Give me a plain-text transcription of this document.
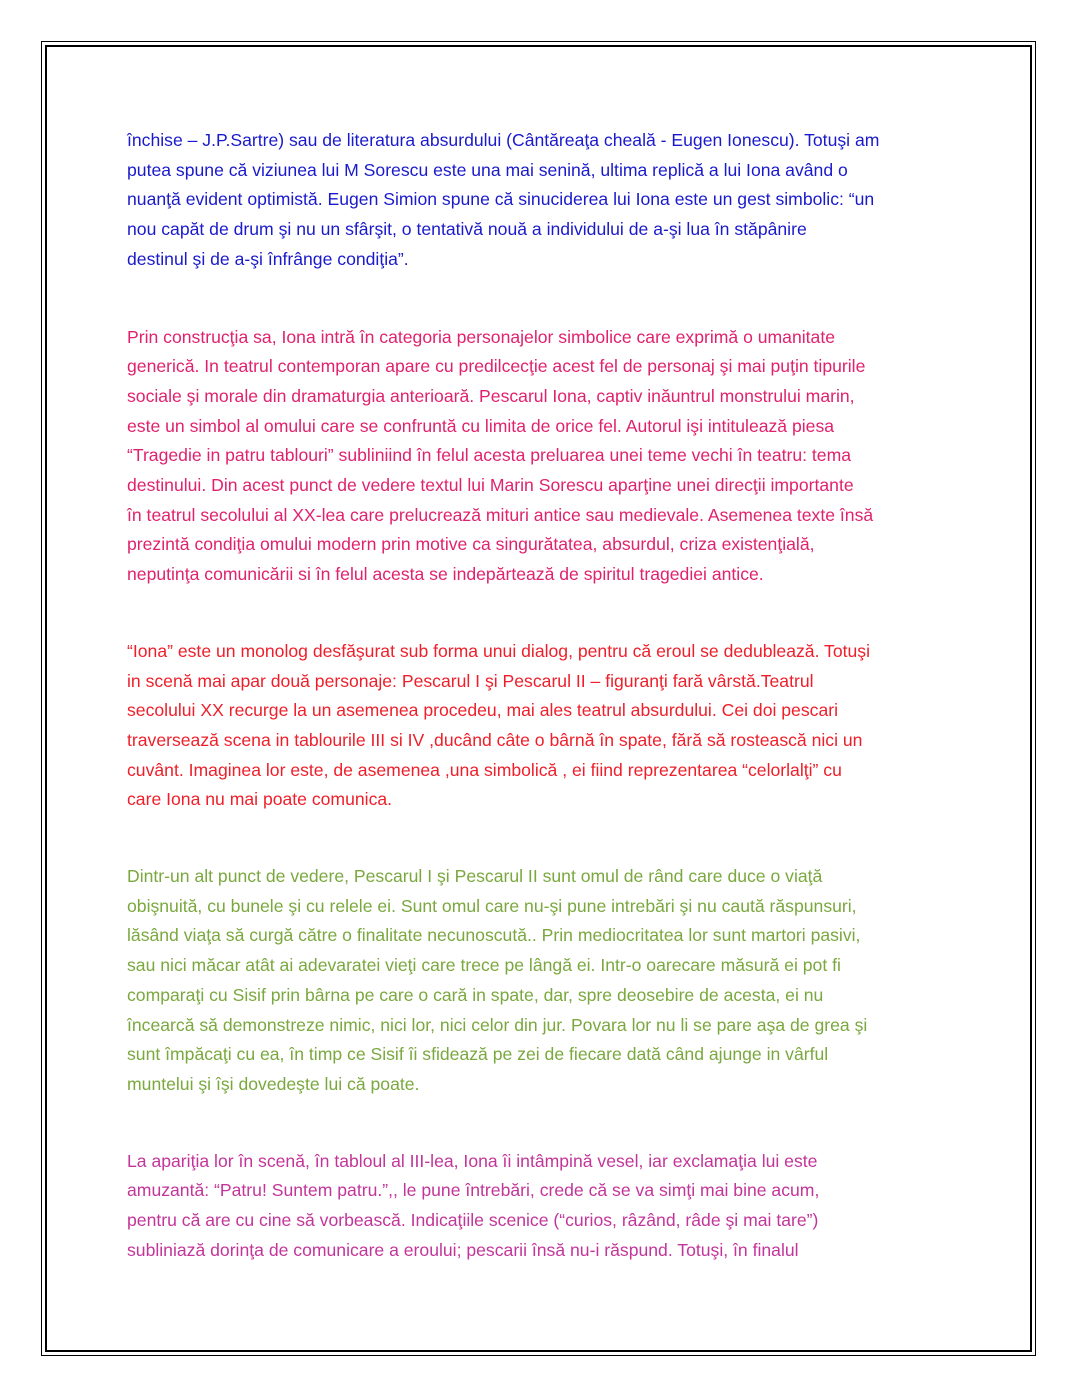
închise – J.P.Sartre) sau de literatura absurdului (Cântăreaţa cheală - Eugen Ionescu). Totuşi am
putea spune că viziunea lui M Sorescu este una mai senină, ultima replică a lui Iona având o
nuanţă evident optimistă. Eugen Simion spune că sinuciderea lui Iona este un gest simbolic: “un
nou capăt de drum şi nu un sfârşit, o tentativă nouă a individului de a-şi lua în stăpânire
destinul şi de a-şi înfrânge condiţia”.

Prin construcţia sa, Iona intră în categoria personajelor simbolice care exprimă o umanitate
generică. In teatrul contemporan apare cu predilcecţie acest fel de personaj şi mai puţin tipurile
sociale şi morale din dramaturgia anterioară. Pescarul Iona, captiv inăuntrul monstrului marin,
este un simbol al omului care se confruntă cu limita de orice fel. Autorul işi intitulează piesa
“Tragedie in patru tablouri” subliniind în felul acesta preluarea unei teme vechi în teatru: tema
destinului. Din acest punct de vedere textul lui Marin Sorescu aparţine unei direcţii importante
în teatrul secolului al XX-lea care prelucrează mituri antice sau medievale. Asemenea texte însă
prezintă condiţia omului modern prin motive ca singurătatea, absurdul, criza existenţială,
neputinţa comunicării si în felul acesta se indepărtează de spiritul tragediei antice.

“Iona” este un monolog desfăşurat sub forma unui dialog, pentru că eroul se dedublează. Totuşi
in scenă mai apar două personaje: Pescarul I şi Pescarul II – figuranţi fară vârstă.Teatrul
secolului XX recurge la un asemenea procedeu, mai ales teatrul absurdului. Cei doi pescari
traversează scena in tablourile III si IV ,ducând câte o bârnă în spate, fără să rostească nici un
cuvânt. Imaginea lor este, de asemenea ,una simbolică , ei fiind reprezentarea “celorlalţi” cu
care Iona nu mai poate comunica.

Dintr-un alt punct de vedere, Pescarul I şi Pescarul II sunt omul de rând care duce o viaţă
obişnuită, cu bunele şi cu relele ei. Sunt omul care nu-şi pune intrebări şi nu caută răspunsuri,
lăsând viaţa să curgă către o finalitate necunoscută.. Prin mediocritatea lor sunt martori pasivi,
sau nici măcar atât ai adevaratei vieţi care trece pe lângă ei. Intr-o oarecare măsură ei pot fi
comparaţi cu Sisif prin bârna pe care o cară in spate, dar, spre deosebire de acesta, ei nu
încearcă să demonstreze nimic, nici lor, nici celor din jur. Povara lor nu li se pare aşa de grea şi
sunt împăcaţi cu ea, în timp ce Sisif îi sfidează pe zei de fiecare dată când ajunge in vârful
muntelui şi îşi dovedeşte lui că poate.

La apariţia lor în scenă, în tabloul al III-lea, Iona îi intâmpină vesel, iar exclamaţia lui este
amuzantă: “Patru! Suntem patru.”,, le pune întrebări, crede că se va simţi mai bine acum,
pentru că are cu cine să vorbească. Indicaţiile scenice (“curios, râzând, râde şi mai tare”)
subliniază dorinţa de comunicare a eroului; pescarii însă nu-i răspund. Totuşi, în finalul
